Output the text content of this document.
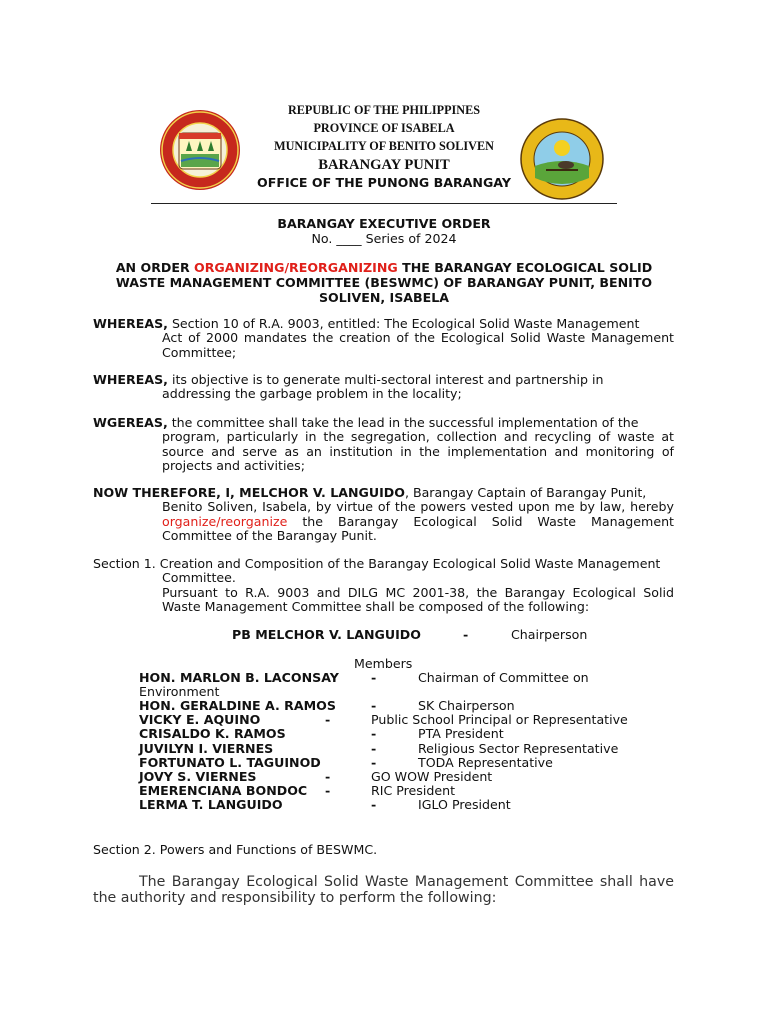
REPUBLIC OF THE PHILIPPINES
PROVINCE OF ISABELA
MUNICIPALITY OF BENITO SOLIVEN
BARANGAY PUNIT
OFFICE OF THE PUNONG BARANGAY
BARANGAY EXECUTIVE ORDER
No. ____ Series of 2024
AN ORDER ORGANIZING/REORGANIZING THE BARANGAY ECOLOGICAL SOLID
WASTE MANAGEMENT COMMITTEE (BESWMC) OF BARANGAY PUNIT, BENITO
SOLIVEN, ISABELA
WHEREAS, Section 10 of R.A. 9003, entitled: The Ecological Solid Waste Management
Act of 2000 mandates the creation of the Ecological Solid Waste Management Committee;
WHEREAS, its objective is to generate multi-sectoral interest and partnership in
addressing the garbage problem in the locality;
WGEREAS, the committee shall take the lead in the successful implementation of the
program, particularly in the segregation, collection and recycling of waste at source and serve as an institution in the implementation and monitoring of projects and activities;
NOW THEREFORE, I, MELCHOR V. LANGUIDO, Barangay Captain of Barangay Punit,
Benito Soliven, Isabela, by virtue of the powers vested upon me by law, hereby organize/reorganize the Barangay Ecological Solid Waste Management Committee of the Barangay Punit.
Section 1. Creation and Composition of the Barangay Ecological Solid Waste Management
Committee.
Pursuant to R.A. 9003 and DILG MC 2001-38, the Barangay Ecological Solid Waste Management Committee shall be composed of the following:
PB MELCHOR V. LANGUIDO	-	Chairperson
Members
HON. MARLON B. LACONSAY	-	Chairman of Committee on
Environment
HON. GERALDINE A. RAMOS	-	SK Chairperson
VICKY E. AQUINO	-	Public School Principal or Representative
CRISALDO K. RAMOS	-	PTA President
JUVILYN I. VIERNES	-	Religious Sector Representative
FORTUNATO L. TAGUINOD	-	TODA Representative
JOVY S. VIERNES	-	GO WOW President
EMERENCIANA BONDOC -	RIC President
LERMA T. LANGUIDO	-	IGLO President
Section 2. Powers and Functions of BESWMC.
The Barangay Ecological Solid Waste Management Committee shall have the authority and responsibility to perform the following:
